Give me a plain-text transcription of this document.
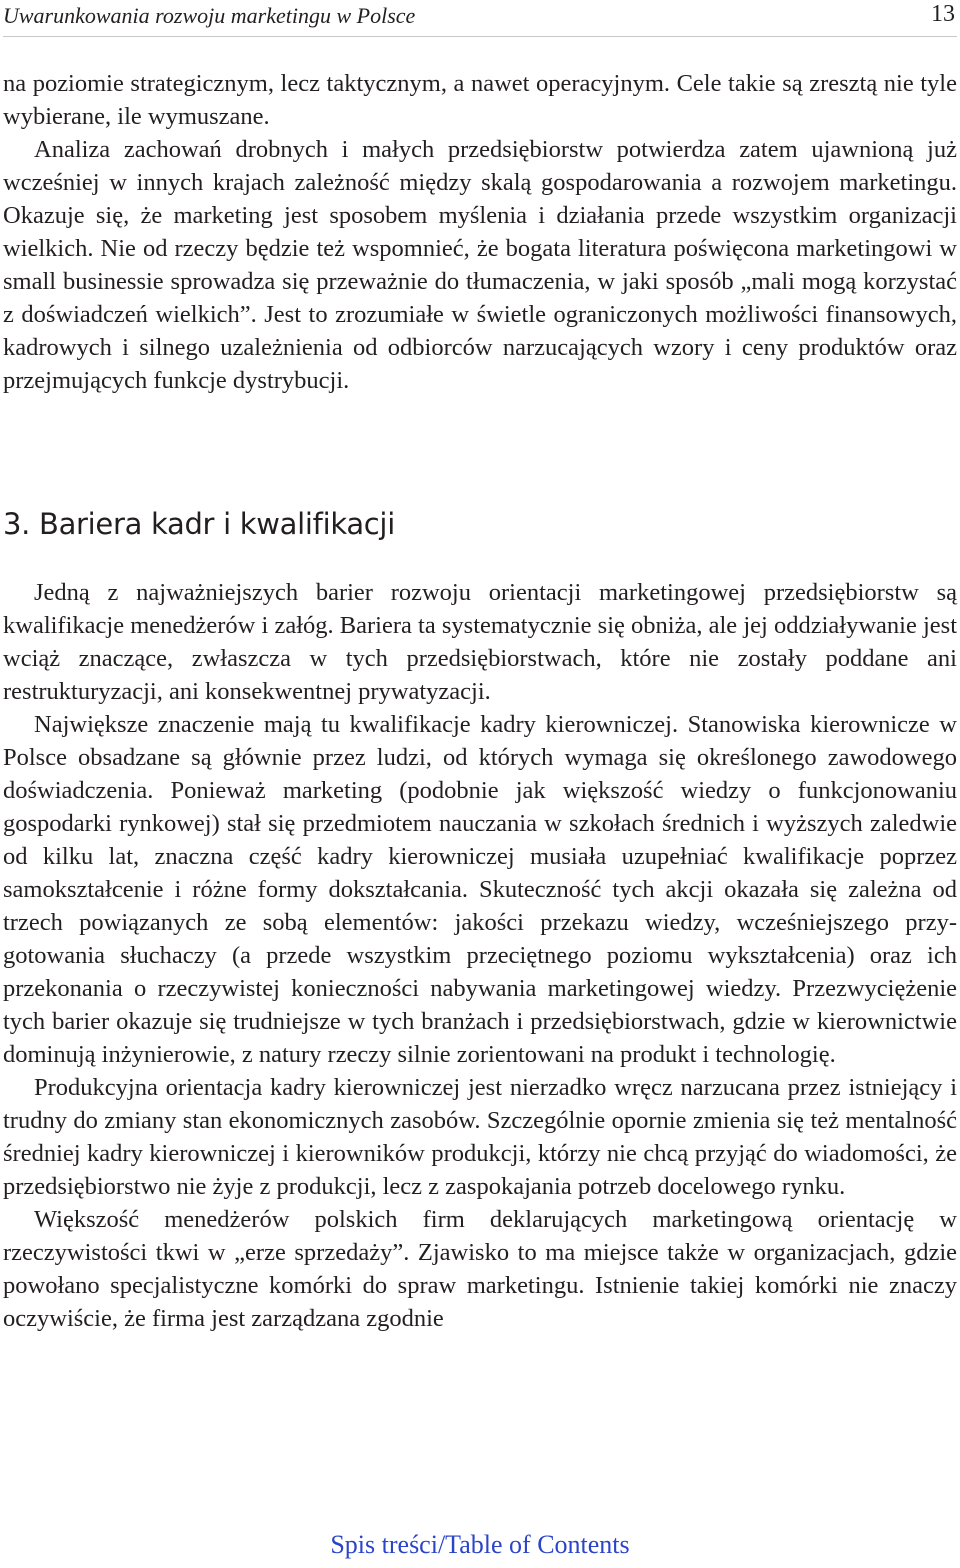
Uwarunkowania rozwoju marketingu w Polsce	13

na poziomie strategicznym, lecz taktycznym, a nawet operacyjnym. Cele takie są zresztą nie tyle wybierane, ile wymuszane.

Analiza zachowań drobnych i małych przedsiębiorstw potwierdza zatem ujawnioną już wcześniej w innych krajach zależność między skalą gospodarowania a rozwojem marketingu. Okazuje się, że marketing jest sposobem myślenia i działania przede wszystkim organizacji wielkich. Nie od rzeczy będzie też wspomnieć, że bogata literatura poświęcona marketingowi w small businessie sprowadza się przeważnie do tłumaczenia, w jaki sposób „mali mogą korzystać z doświadczeń wielkich”. Jest to zrozumiałe w świetle ograniczonych możliwości finansowych, kadrowych i silnego uzależnienia od odbiorców narzucających wzory i ceny produktów oraz przejmujących funkcje dystrybucji.

3. Bariera kadr i kwalifikacji

Jedną z najważniejszych barier rozwoju orientacji marketingowej przedsiębiorstw są kwalifikacje menedżerów i załóg. Bariera ta systematycznie się obniża, ale jej oddziaływanie jest wciąż znaczące, zwłaszcza w tych przedsiębiorstwach, które nie zostały poddane ani restrukturyzacji, ani konsekwentnej prywatyzacji.

Największe znaczenie mają tu kwalifikacje kadry kierowniczej. Stanowiska kierownicze w Polsce obsadzane są głównie przez ludzi, od których wymaga się określonego zawodowego doświadczenia. Ponieważ marketing (podobnie jak większość wiedzy o funkcjonowaniu gospodarki rynkowej) stał się przedmiotem nauczania w szkołach średnich i wyższych zaledwie od kilku lat, znaczna część kadry kierowniczej musiała uzupełniać kwalifikacje poprzez samokształcenie i różne formy dokształcania. Skuteczność tych akcji okazała się zależna od trzech powiązanych ze sobą elementów: jakości przekazu wiedzy, wcześniejszego przygotowania słuchaczy (a przede wszystkim przeciętnego poziomu wykształcenia) oraz ich przekonania o rzeczywistej konieczności nabywania marketingowej wiedzy. Przezwyciężenie tych barier okazuje się trudniejsze w tych branżach i przedsiębiorstwach, gdzie w kierownictwie dominują inżynierowie, z natury rzeczy silnie zorientowani na produkt i technologię.

Produkcyjna orientacja kadry kierowniczej jest nierzadko wręcz narzucana przez istniejący i trudny do zmiany stan ekonomicznych zasobów. Szczególnie opornie zmienia się też mentalność średniej kadry kierowniczej i kierowników produkcji, którzy nie chcą przyjąć do wiadomości, że przedsiębiorstwo nie żyje z produkcji, lecz z zaspokajania potrzeb docelowego rynku.

Większość menedżerów polskich firm deklarujących marketingową orientację w rzeczywistości tkwi w „erze sprzedaży”. Zjawisko to ma miejsce także w organizacjach, gdzie powołano specjalistyczne komórki do spraw marketingu. Istnienie takiej komórki nie znaczy oczywiście, że firma jest zarządzana zgodnie

Spis treści/Table of Contents
